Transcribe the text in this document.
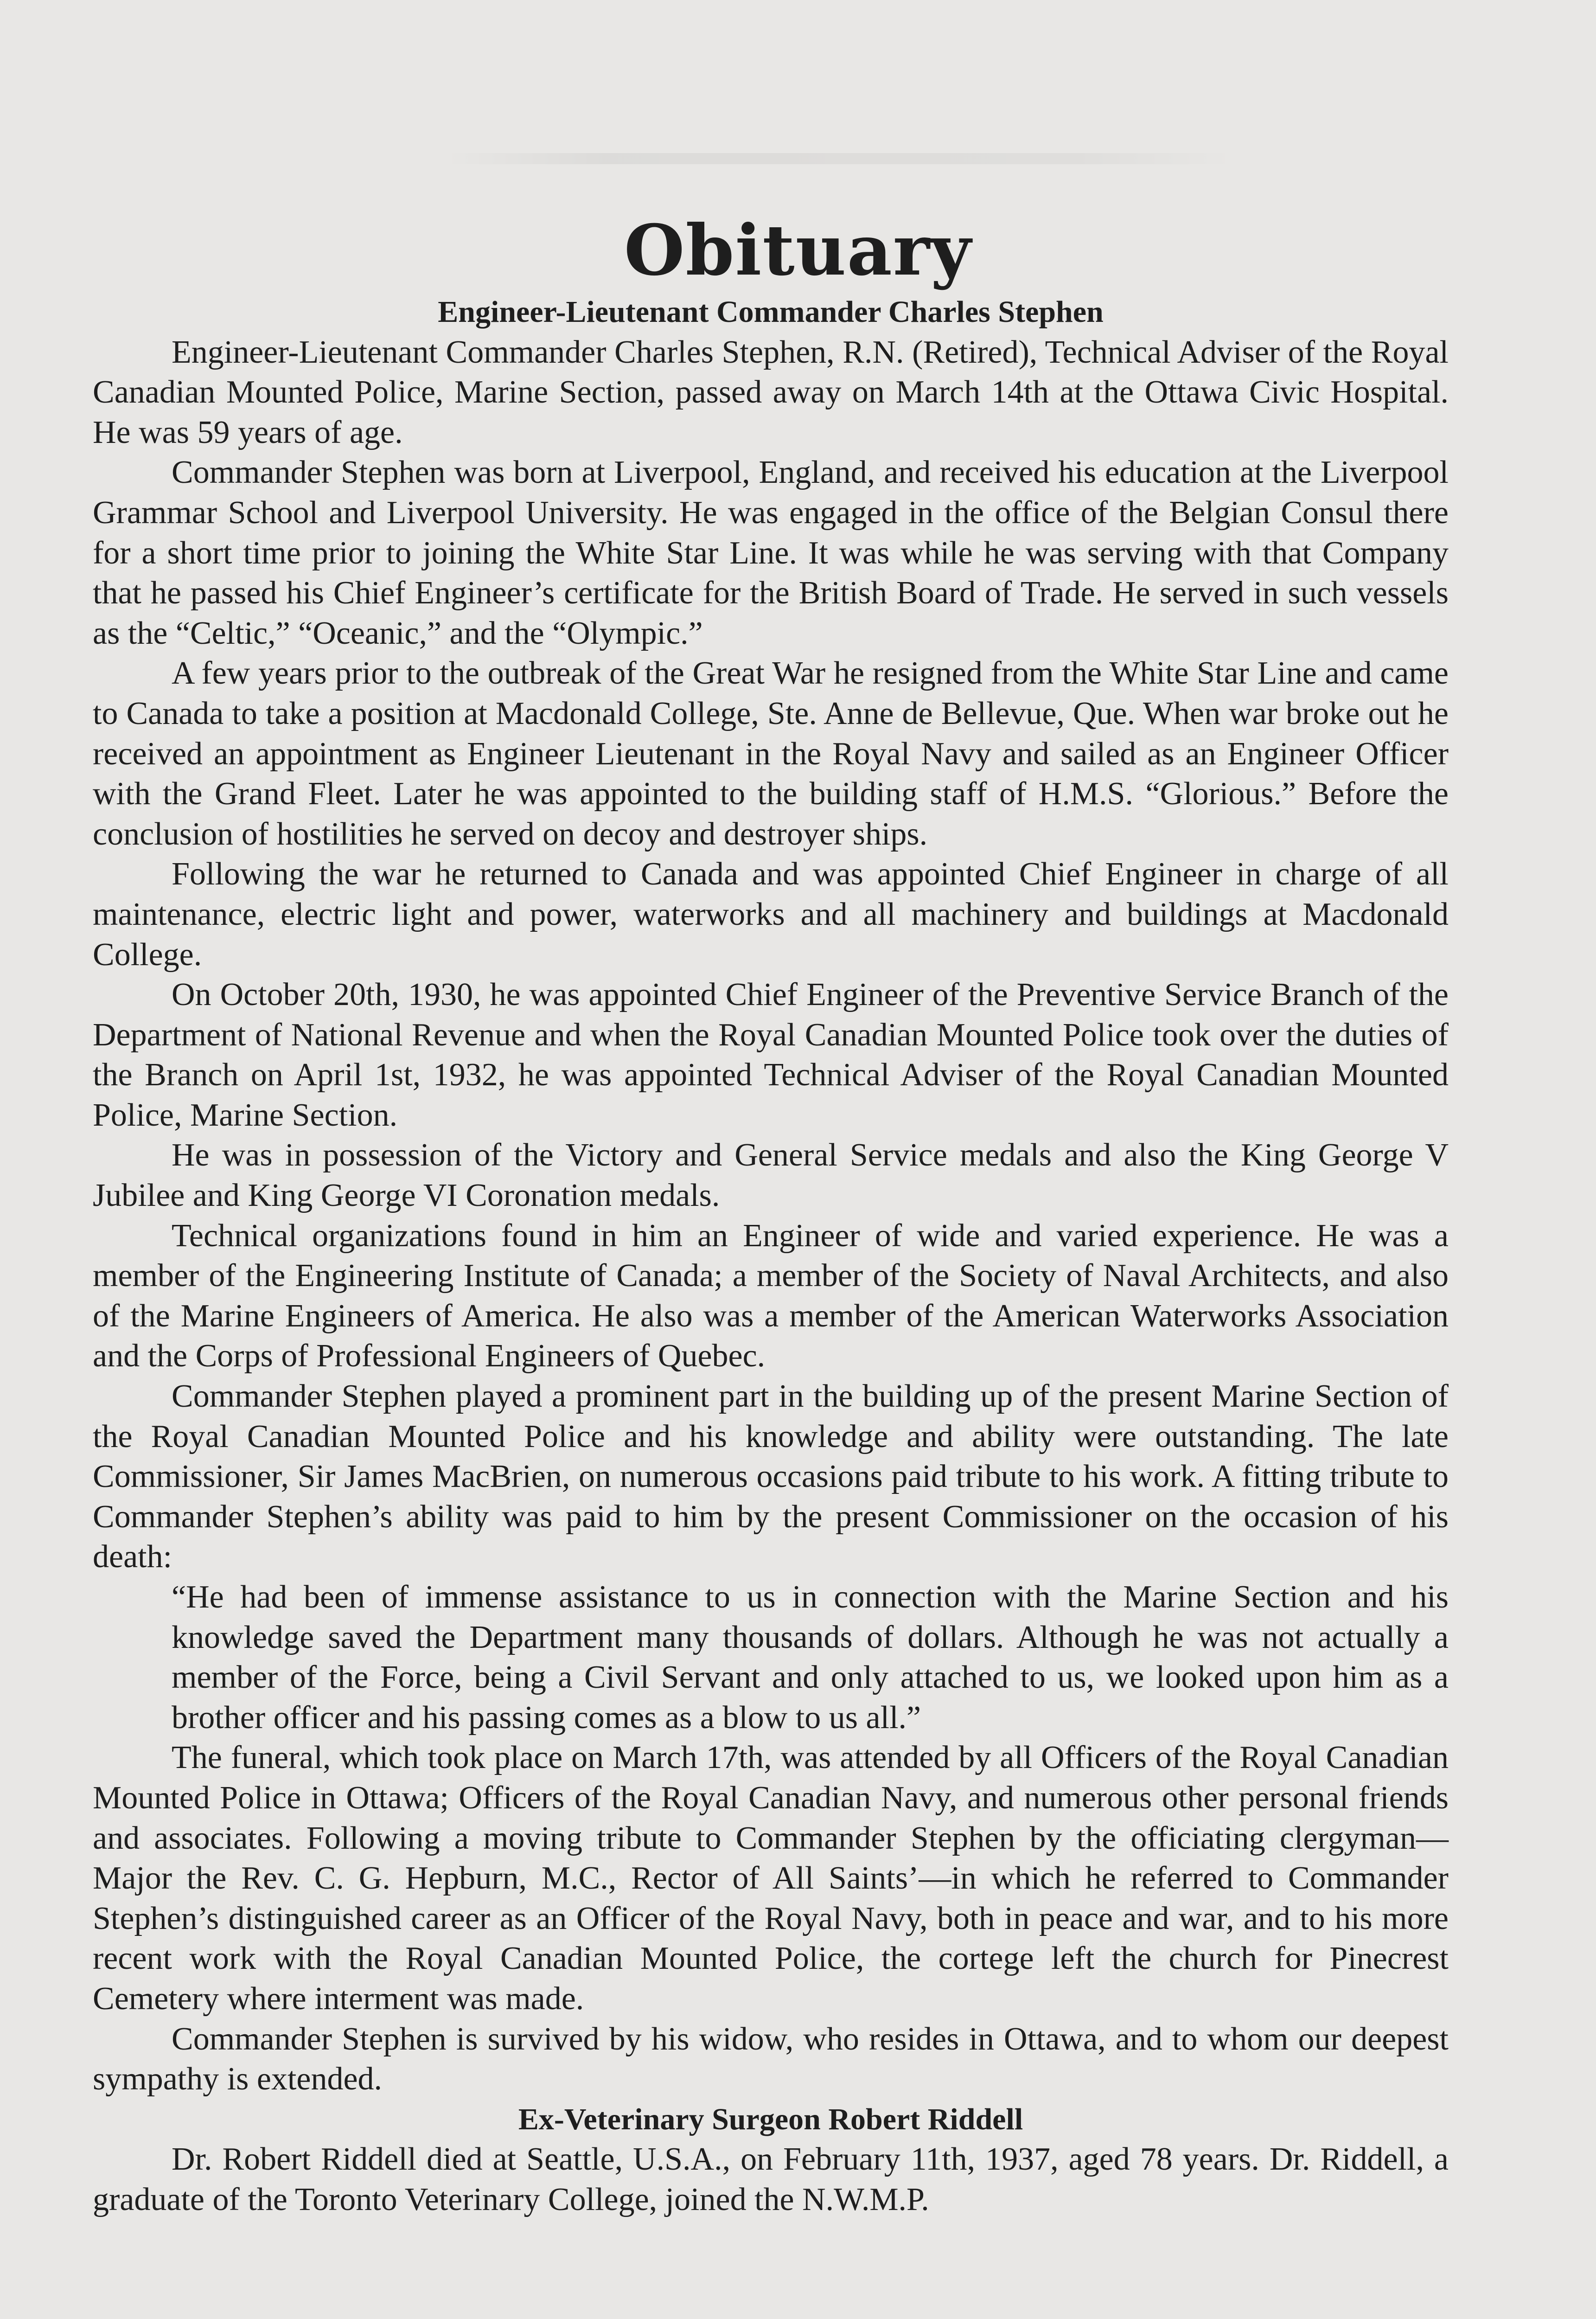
Obituary
Engineer-Lieutenant Commander Charles Stephen

Engineer-Lieutenant Commander Charles Stephen, R.N. (Retired), Technical Adviser of the Royal Canadian Mounted Police, Marine Section, passed away on March 14th at the Ottawa Civic Hospital. He was 59 years of age.

Commander Stephen was born at Liverpool, England, and received his education at the Liverpool Grammar School and Liverpool University. He was engaged in the office of the Belgian Consul there for a short time prior to joining the White Star Line. It was while he was serving with that Company that he passed his Chief Engineer’s certificate for the British Board of Trade. He served in such vessels as the “Celtic,” “Oceanic,” and the “Olympic.”

A few years prior to the outbreak of the Great War he resigned from the White Star Line and came to Canada to take a position at Macdonald College, Ste. Anne de Bellevue, Que. When war broke out he received an appointment as Engineer Lieutenant in the Royal Navy and sailed as an Engineer Officer with the Grand Fleet. Later he was appointed to the building staff of H.M.S. “Glorious.” Before the conclusion of hostilities he served on decoy and destroyer ships.

Following the war he returned to Canada and was appointed Chief Engineer in charge of all maintenance, electric light and power, waterworks and all machinery and buildings at Macdonald College.

On October 20th, 1930, he was appointed Chief Engineer of the Preventive Service Branch of the Department of National Revenue and when the Royal Canadian Mounted Police took over the duties of the Branch on April 1st, 1932, he was appointed Technical Adviser of the Royal Canadian Mounted Police, Marine Section.

He was in possession of the Victory and General Service medals and also the King George V Jubilee and King George VI Coronation medals.

Technical organizations found in him an Engineer of wide and varied experience. He was a member of the Engineering Institute of Canada; a member of the Society of Naval Architects, and also of the Marine Engineers of America. He also was a member of the American Waterworks Association and the Corps of Professional Engineers of Quebec.

Commander Stephen played a prominent part in the building up of the present Marine Section of the Royal Canadian Mounted Police and his knowledge and ability were outstanding. The late Commissioner, Sir James MacBrien, on numerous occasions paid tribute to his work. A fitting tribute to Commander Stephen’s ability was paid to him by the present Commissioner on the occasion of his death:

“He had been of immense assistance to us in connection with the Marine Section and his knowledge saved the Department many thousands of dollars. Although he was not actually a member of the Force, being a Civil Servant and only attached to us, we looked upon him as a brother officer and his passing comes as a blow to us all.”

The funeral, which took place on March 17th, was attended by all Officers of the Royal Canadian Mounted Police in Ottawa; Officers of the Royal Canadian Navy, and numerous other personal friends and associates. Following a moving tribute to Commander Stephen by the officiating clergyman—Major the Rev. C. G. Hepburn, M.C., Rector of All Saints’—in which he referred to Commander Stephen’s distinguished career as an Officer of the Royal Navy, both in peace and war, and to his more recent work with the Royal Canadian Mounted Police, the cortege left the church for Pinecrest Cemetery where interment was made.

Commander Stephen is survived by his widow, who resides in Ottawa, and to whom our deepest sympathy is extended.

Ex-Veterinary Surgeon Robert Riddell

Dr. Robert Riddell died at Seattle, U.S.A., on February 11th, 1937, aged 78 years. Dr. Riddell, a graduate of the Toronto Veterinary College, joined the N.W.M.P.
